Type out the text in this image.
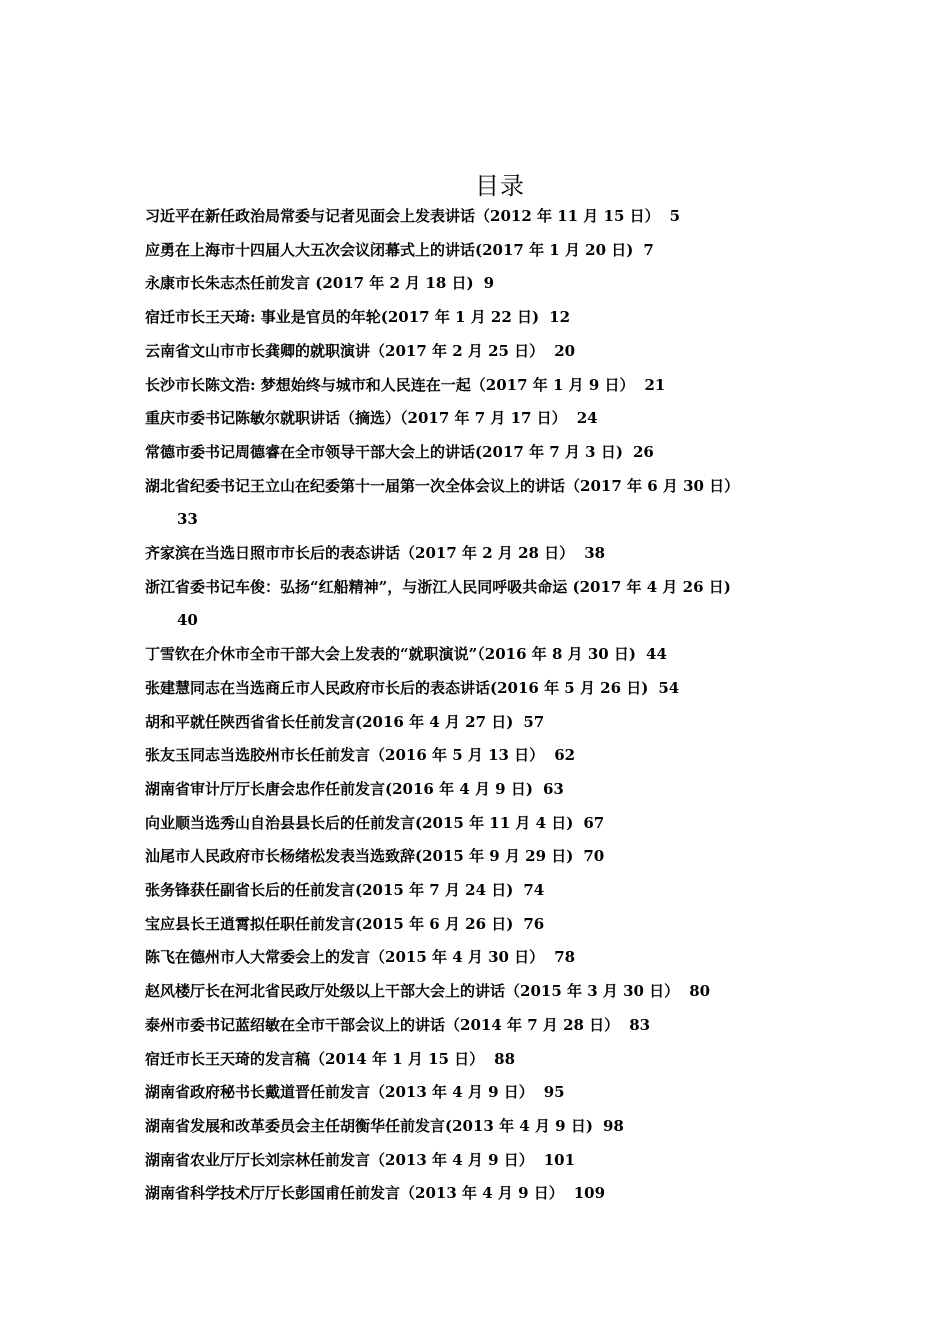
目录
习近平在新任政治局常委与记者见面会上发表讲话（2012 年 11 月 15 日） 5
应勇在上海市十四届人大五次会议闭幕式上的讲话(2017 年 1 月 20 日) 7
永康市长朱志杰任前发言 (2017 年 2 月 18 日) 9
宿迁市长王天琦: 事业是官员的年轮(2017 年 1 月 22 日) 12
云南省文山市市长龚卿的就职演讲（2017 年 2 月 25 日） 20
长沙市长陈文浩: 梦想始终与城市和人民连在一起（2017 年 1 月 9 日） 21
重庆市委书记陈敏尔就职讲话（摘选）（2017 年 7 月 17 日） 24
常德市委书记周德睿在全市领导干部大会上的讲话(2017 年 7 月 3 日) 26
湖北省纪委书记王立山在纪委第十一届第一次全体会议上的讲话（2017 年 6 月 30 日）
33
齐家滨在当选日照市市长后的表态讲话（2017 年 2 月 28 日） 38
浙江省委书记车俊：弘扬“红船精神”，与浙江人民同呼吸共命运 (2017 年 4 月 26 日)
40
丁雪钦在介休市全市干部大会上发表的“就职演说”（2016 年 8 月 30 日) 44
张建慧同志在当选商丘市人民政府市长后的表态讲话(2016 年 5 月 26 日) 54
胡和平就任陕西省省长任前发言(2016 年 4 月 27 日) 57
张友玉同志当选胶州市长任前发言（2016 年 5 月 13 日） 62
湖南省审计厅厅长唐会忠作任前发言(2016 年 4 月 9 日) 63
向业顺当选秀山自治县县长后的任前发言(2015 年 11 月 4 日) 67
汕尾市人民政府市长杨绪松发表当选致辞(2015 年 9 月 29 日) 70
张务锋获任副省长后的任前发言(2015 年 7 月 24 日) 74
宝应县长王逍霄拟任职任前发言(2015 年 6 月 26 日) 76
陈飞在德州市人大常委会上的发言（2015 年 4 月 30 日） 78
赵风楼厅长在河北省民政厅处级以上干部大会上的讲话（2015 年 3 月 30 日） 80
泰州市委书记蓝绍敏在全市干部会议上的讲话（2014 年 7 月 28 日） 83
宿迁市长王天琦的发言稿（2014 年 1 月 15 日） 88
湖南省政府秘书长戴道晋任前发言（2013 年 4 月 9 日） 95
湖南省发展和改革委员会主任胡衡华任前发言(2013 年 4 月 9 日) 98
湖南省农业厅厅长刘宗林任前发言（2013 年 4 月 9 日） 101
湖南省科学技术厅厅长彭国甫任前发言（2013 年 4 月 9 日） 109
